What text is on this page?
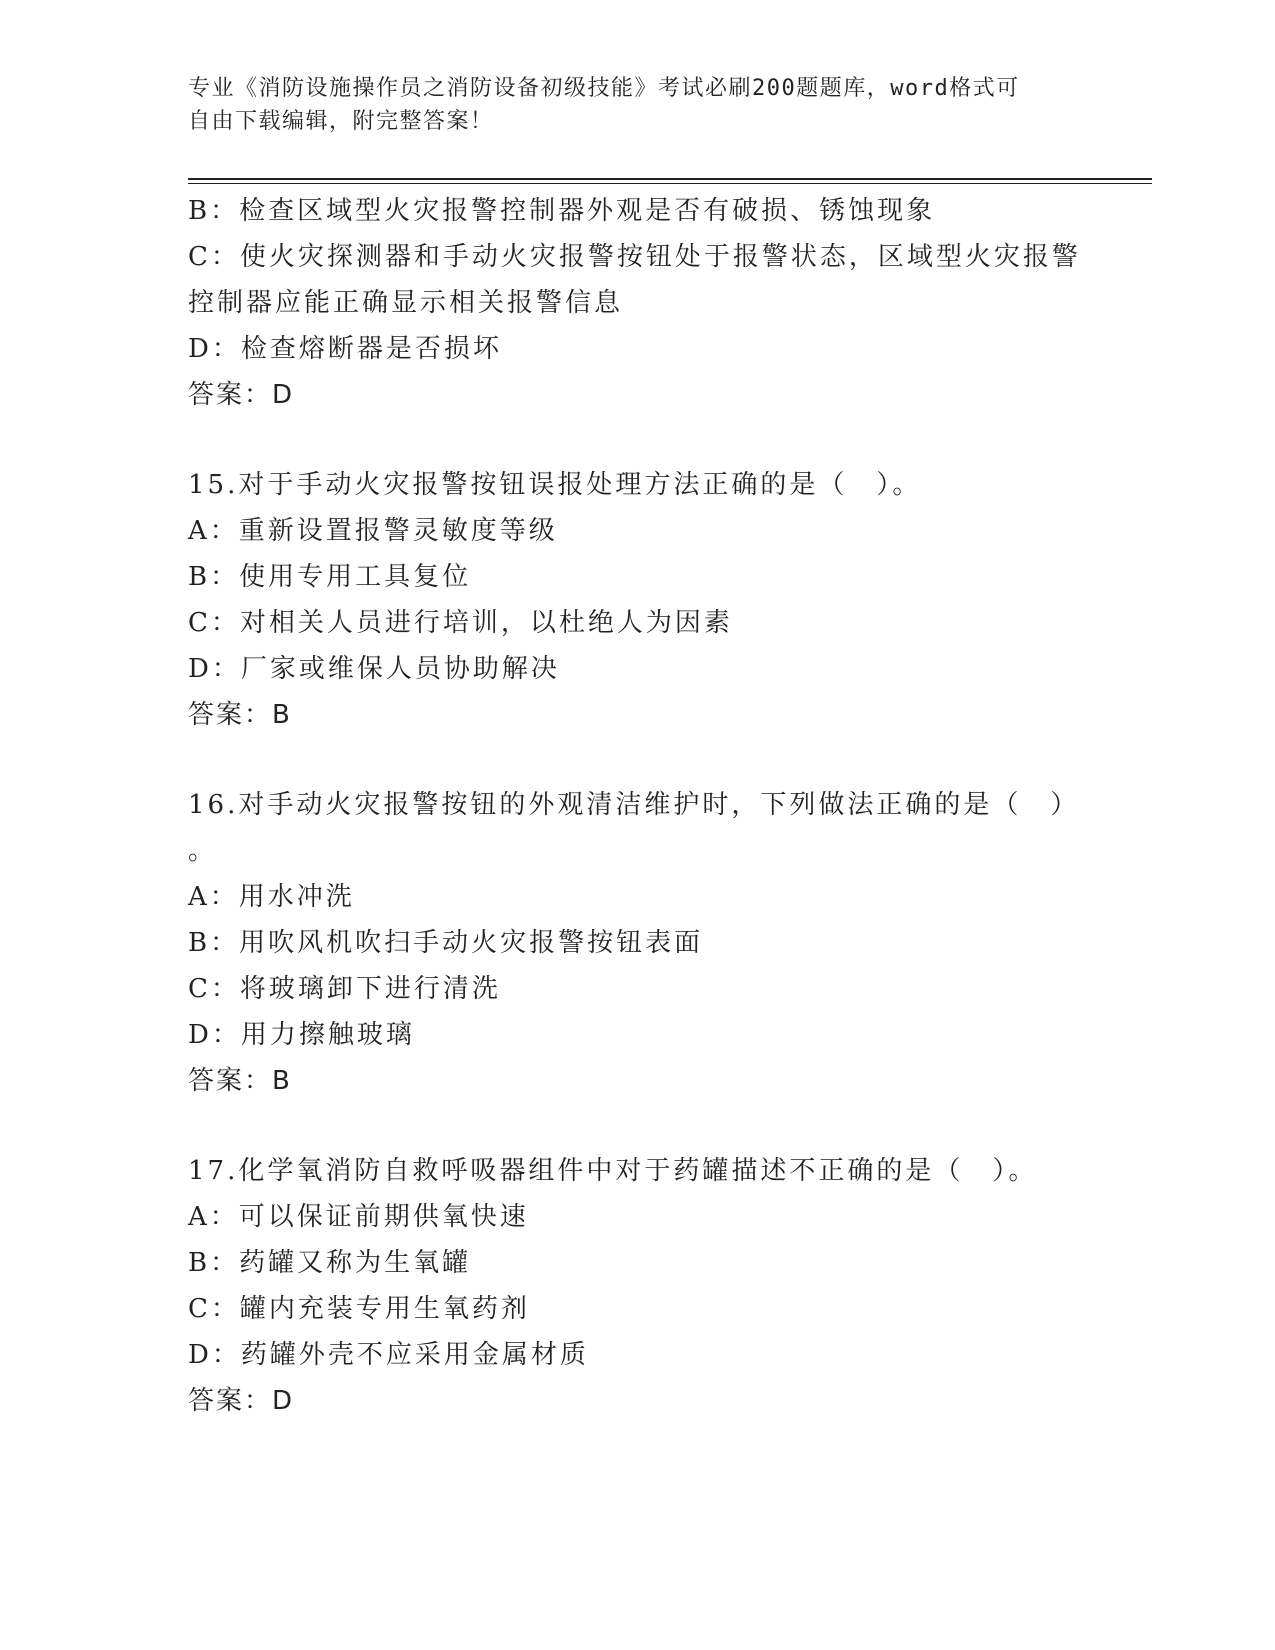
专业《消防设施操作员之消防设备初级技能》考试必刷200题题库，word格式可
自由下载编辑，附完整答案！
B：检查区域型火灾报警控制器外观是否有破损、锈蚀现象
C：使火灾探测器和手动火灾报警按钮处于报警状态，区域型火灾报警
控制器应能正确显示相关报警信息
D：检查熔断器是否损坏
答案：D
15.对于手动火灾报警按钮误报处理方法正确的是（　）。
A：重新设置报警灵敏度等级
B：使用专用工具复位
C：对相关人员进行培训，以杜绝人为因素
D：厂家或维保人员协助解决
答案：B
16.对手动火灾报警按钮的外观清洁维护时，下列做法正确的是（　）
。
A：用水冲洗
B：用吹风机吹扫手动火灾报警按钮表面
C：将玻璃卸下进行清洗
D：用力擦触玻璃
答案：B
17.化学氧消防自救呼吸器组件中对于药罐描述不正确的是（　）。
A：可以保证前期供氧快速
B：药罐又称为生氧罐
C：罐内充装专用生氧药剂
D：药罐外壳不应采用金属材质
答案：D
